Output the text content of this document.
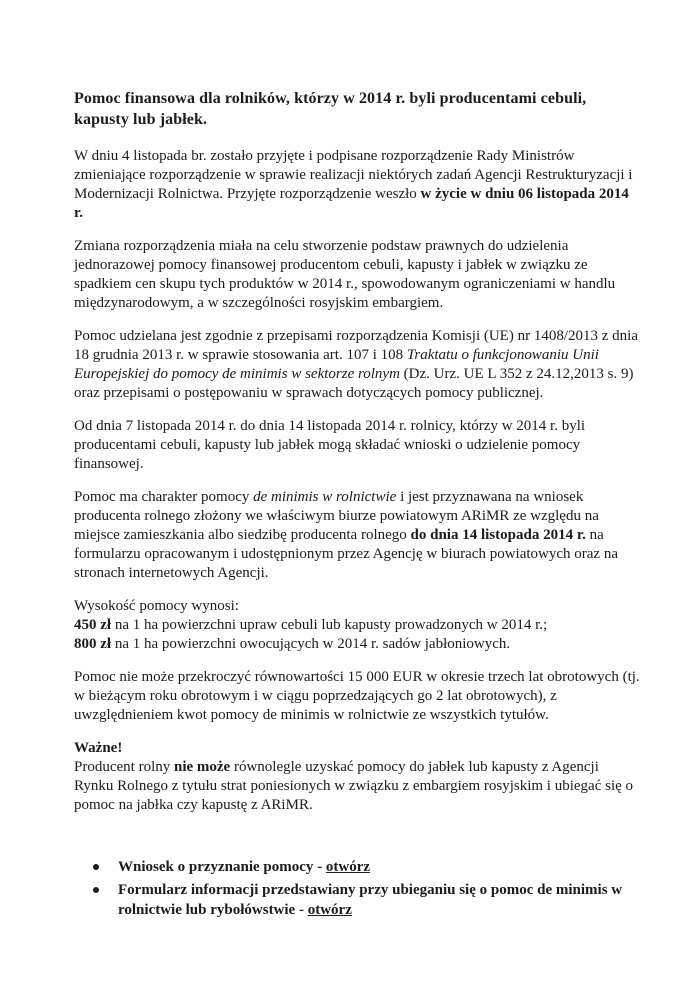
Pomoc finansowa dla rolników, którzy w 2014 r. byli producentami cebuli, kapusty lub jabłek.

W dniu 4 listopada br. zostało przyjęte i podpisane rozporządzenie Rady Ministrów zmieniające rozporządzenie w sprawie realizacji niektórych zadań Agencji Restrukturyzacji i Modernizacji Rolnictwa. Przyjęte rozporządzenie weszło w życie w dniu 06 listopada 2014 r.

Zmiana rozporządzenia miała na celu stworzenie podstaw prawnych do udzielenia jednorazowej pomocy finansowej producentom cebuli, kapusty i jabłek w związku ze spadkiem cen skupu tych produktów w 2014 r., spowodowanym ograniczeniami w handlu międzynarodowym, a w szczególności rosyjskim embargiem.

Pomoc udzielana jest zgodnie z przepisami rozporządzenia Komisji (UE) nr 1408/2013 z dnia 18 grudnia 2013 r. w sprawie stosowania art. 107 i 108 Traktatu o funkcjonowaniu Unii Europejskiej do pomocy de minimis w sektorze rolnym (Dz. Urz. UE L 352 z 24.12,2013 s. 9) oraz przepisami o postępowaniu w sprawach dotyczących pomocy publicznej.

Od dnia 7 listopada 2014 r. do dnia 14 listopada 2014 r. rolnicy, którzy w 2014 r. byli producentami cebuli, kapusty lub jabłek mogą składać wnioski o udzielenie pomocy finansowej.

Pomoc ma charakter pomocy de minimis w rolnictwie i jest przyznawana na wniosek producenta rolnego złożony we właściwym biurze powiatowym ARiMR ze względu na miejsce zamieszkania albo siedzibę producenta rolnego do dnia 14 listopada 2014 r. na formularzu opracowanym i udostępnionym przez Agencję w biurach powiatowych oraz na stronach internetowych Agencji.

Wysokość pomocy wynosi:
450 zł na 1 ha powierzchni upraw cebuli lub kapusty prowadzonych w 2014 r.;
800 zł na 1 ha powierzchni owocujących w 2014 r. sadów jabłoniowych.

Pomoc nie może przekroczyć równowartości 15 000 EUR w okresie trzech lat obrotowych (tj. w bieżącym roku obrotowym i w ciągu poprzedzających go 2 lat obrotowych), z uwzględnieniem kwot pomocy de minimis w rolnictwie ze wszystkich tytułów.

Ważne!
Producent rolny nie może równolegle uzyskać pomocy do jabłek lub kapusty z Agencji Rynku Rolnego z tytułu strat poniesionych w związku z embargiem rosyjskim i ubiegać się o pomoc na jabłka czy kapustę z ARiMR.

Wniosek o przyznanie pomocy - otwórz
Formularz informacji przedstawiany przy ubieganiu się o pomoc de minimis w rolnictwie lub rybołówstwie - otwórz
